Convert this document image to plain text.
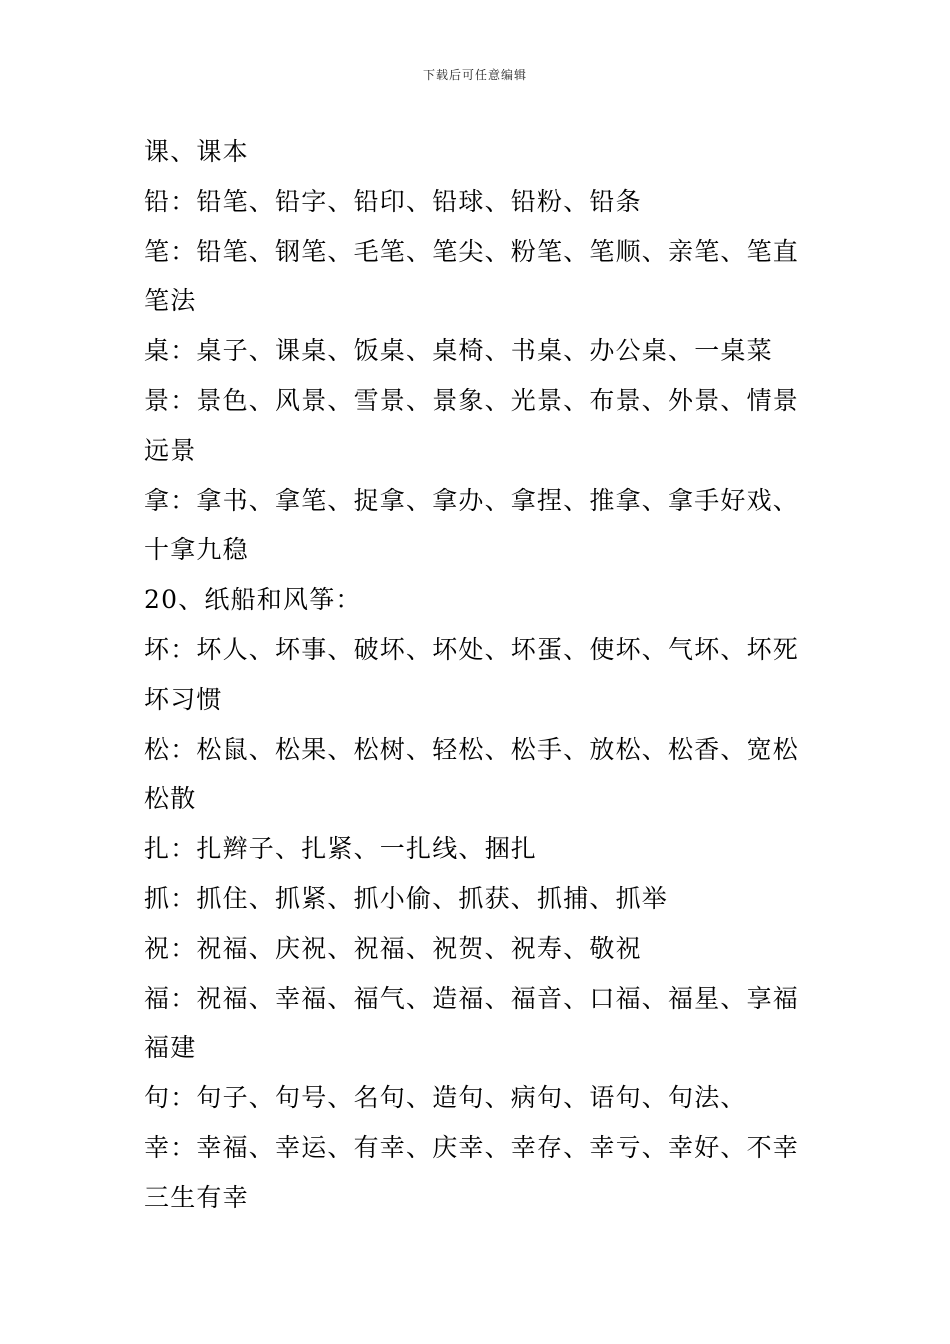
下载后可任意编辑
课、课本
铅：铅笔、铅字、铅印、铅球、铅粉、铅条
笔：铅笔、钢笔、毛笔、笔尖、粉笔、笔顺、亲笔、笔直
笔法
桌：桌子、课桌、饭桌、桌椅、书桌、办公桌、一桌菜
景：景色、风景、雪景、景象、光景、布景、外景、情景
远景
拿：拿书、拿笔、捉拿、拿办、拿捏、推拿、拿手好戏、
十拿九稳
20、纸船和风筝：
坏：坏人、坏事、破坏、坏处、坏蛋、使坏、气坏、坏死
坏习惯
松：松鼠、松果、松树、轻松、松手、放松、松香、宽松
松散
扎：扎辫子、扎紧、一扎线、捆扎
抓：抓住、抓紧、抓小偷、抓获、抓捕、抓举
祝：祝福、庆祝、祝福、祝贺、祝寿、敬祝
福：祝福、幸福、福气、造福、福音、口福、福星、享福
福建
句：句子、句号、名句、造句、病句、语句、句法、
幸：幸福、幸运、有幸、庆幸、幸存、幸亏、幸好、不幸
三生有幸
